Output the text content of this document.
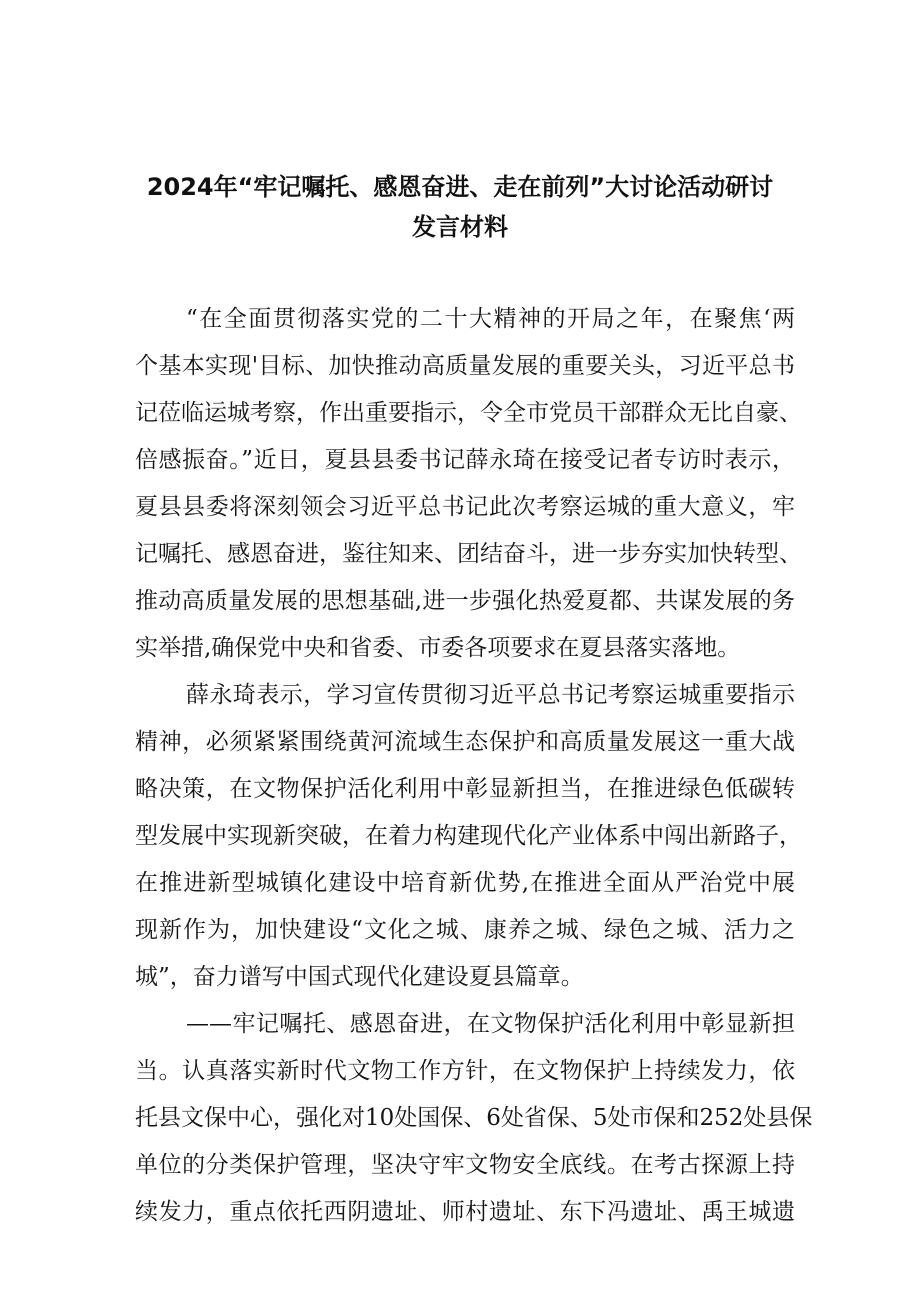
2024年“牢记嘱托、感恩奋进、走在前列”大讨论活动研讨
发言材料
“在全面贯彻落实党的二十大精神的开局之年，在聚焦‘两
个基本实现'目标、加快推动高质量发展的重要关头，习近平总书
记莅临运城考察，作出重要指示，令全市党员干部群众无比自豪、
倍感振奋。”近日，夏县县委书记薛永琦在接受记者专访时表示，
夏县县委将深刻领会习近平总书记此次考察运城的重大意义，牢
记嘱托、感恩奋进，鉴往知来、团结奋斗，进一步夯实加快转型、
推动高质量发展的思想基础,进一步强化热爱夏都、共谋发展的务
实举措,确保党中央和省委、市委各项要求在夏县落实落地。
薛永琦表示，学习宣传贯彻习近平总书记考察运城重要指示
精神，必须紧紧围绕黄河流域生态保护和高质量发展这一重大战
略决策，在文物保护活化利用中彰显新担当，在推进绿色低碳转
型发展中实现新突破，在着力构建现代化产业体系中闯出新路子，
在推进新型城镇化建设中培育新优势,在推进全面从严治党中展
现新作为，加快建设“文化之城、康养之城、绿色之城、活力之
城”，奋力谱写中国式现代化建设夏县篇章。
——牢记嘱托、感恩奋进，在文物保护活化利用中彰显新担
当。认真落实新时代文物工作方针，在文物保护上持续发力，依
托县文保中心，强化对10处国保、6处省保、5处市保和252处县保
单位的分类保护管理，坚决守牢文物安全底线。在考古探源上持
续发力，重点依托西阴遗址、师村遗址、东下冯遗址、禹王城遗
